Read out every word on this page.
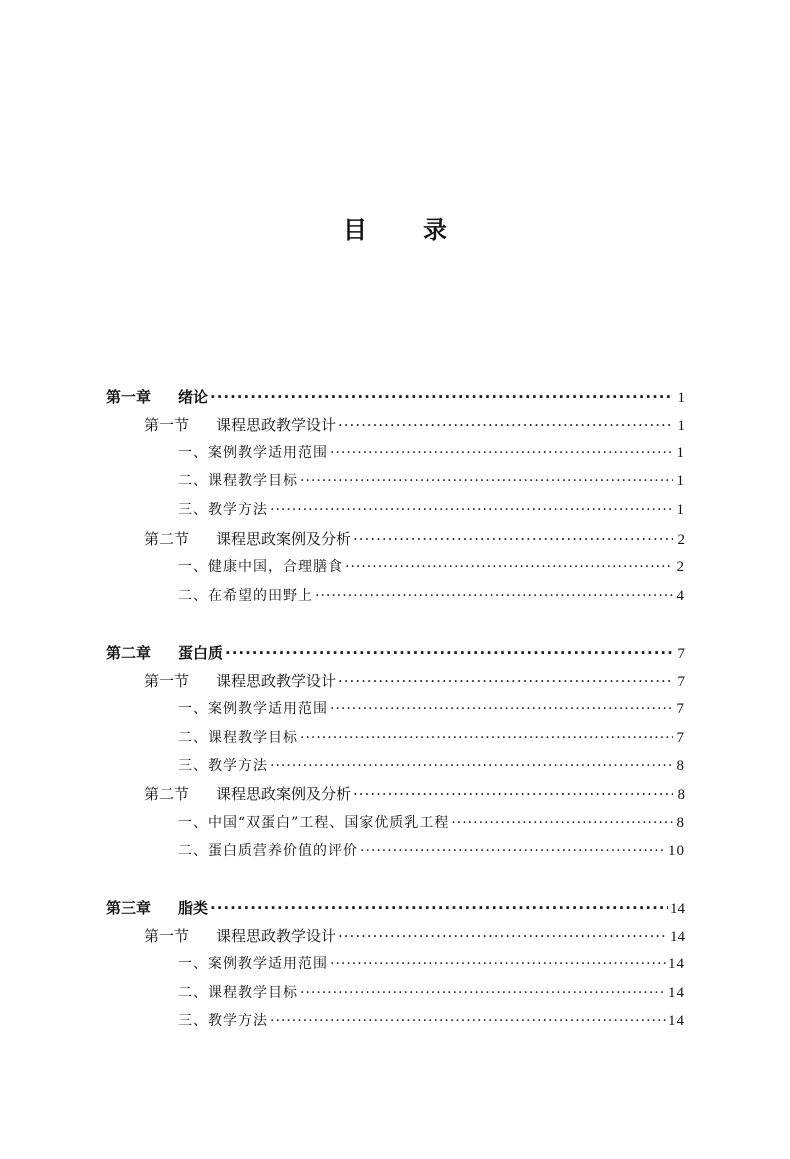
目 录
第一章 绪论 ·····	1
第一节 课程思政教学设计 ·····	1
一、案例教学适用范围 ·····	1
二、课程教学目标 ·····	1
三、教学方法 ·····	1
第二节 课程思政案例及分析 ·····	2
一、健康中国，合理膳食 ·····	2
二、在希望的田野上 ·····	4
第二章 蛋白质 ·····	7
第一节 课程思政教学设计 ·····	7
一、案例教学适用范围 ·····	7
二、课程教学目标 ·····	7
三、教学方法 ·····	8
第二节 课程思政案例及分析 ·····	8
一、中国“双蛋白”工程、国家优质乳工程 ·····	8
二、蛋白质营养价值的评价 ·····	10
第三章 脂类 ·····	14
第一节 课程思政教学设计 ·····	14
一、案例教学适用范围 ·····	14
二、课程教学目标 ·····	14
三、教学方法 ·····	14
